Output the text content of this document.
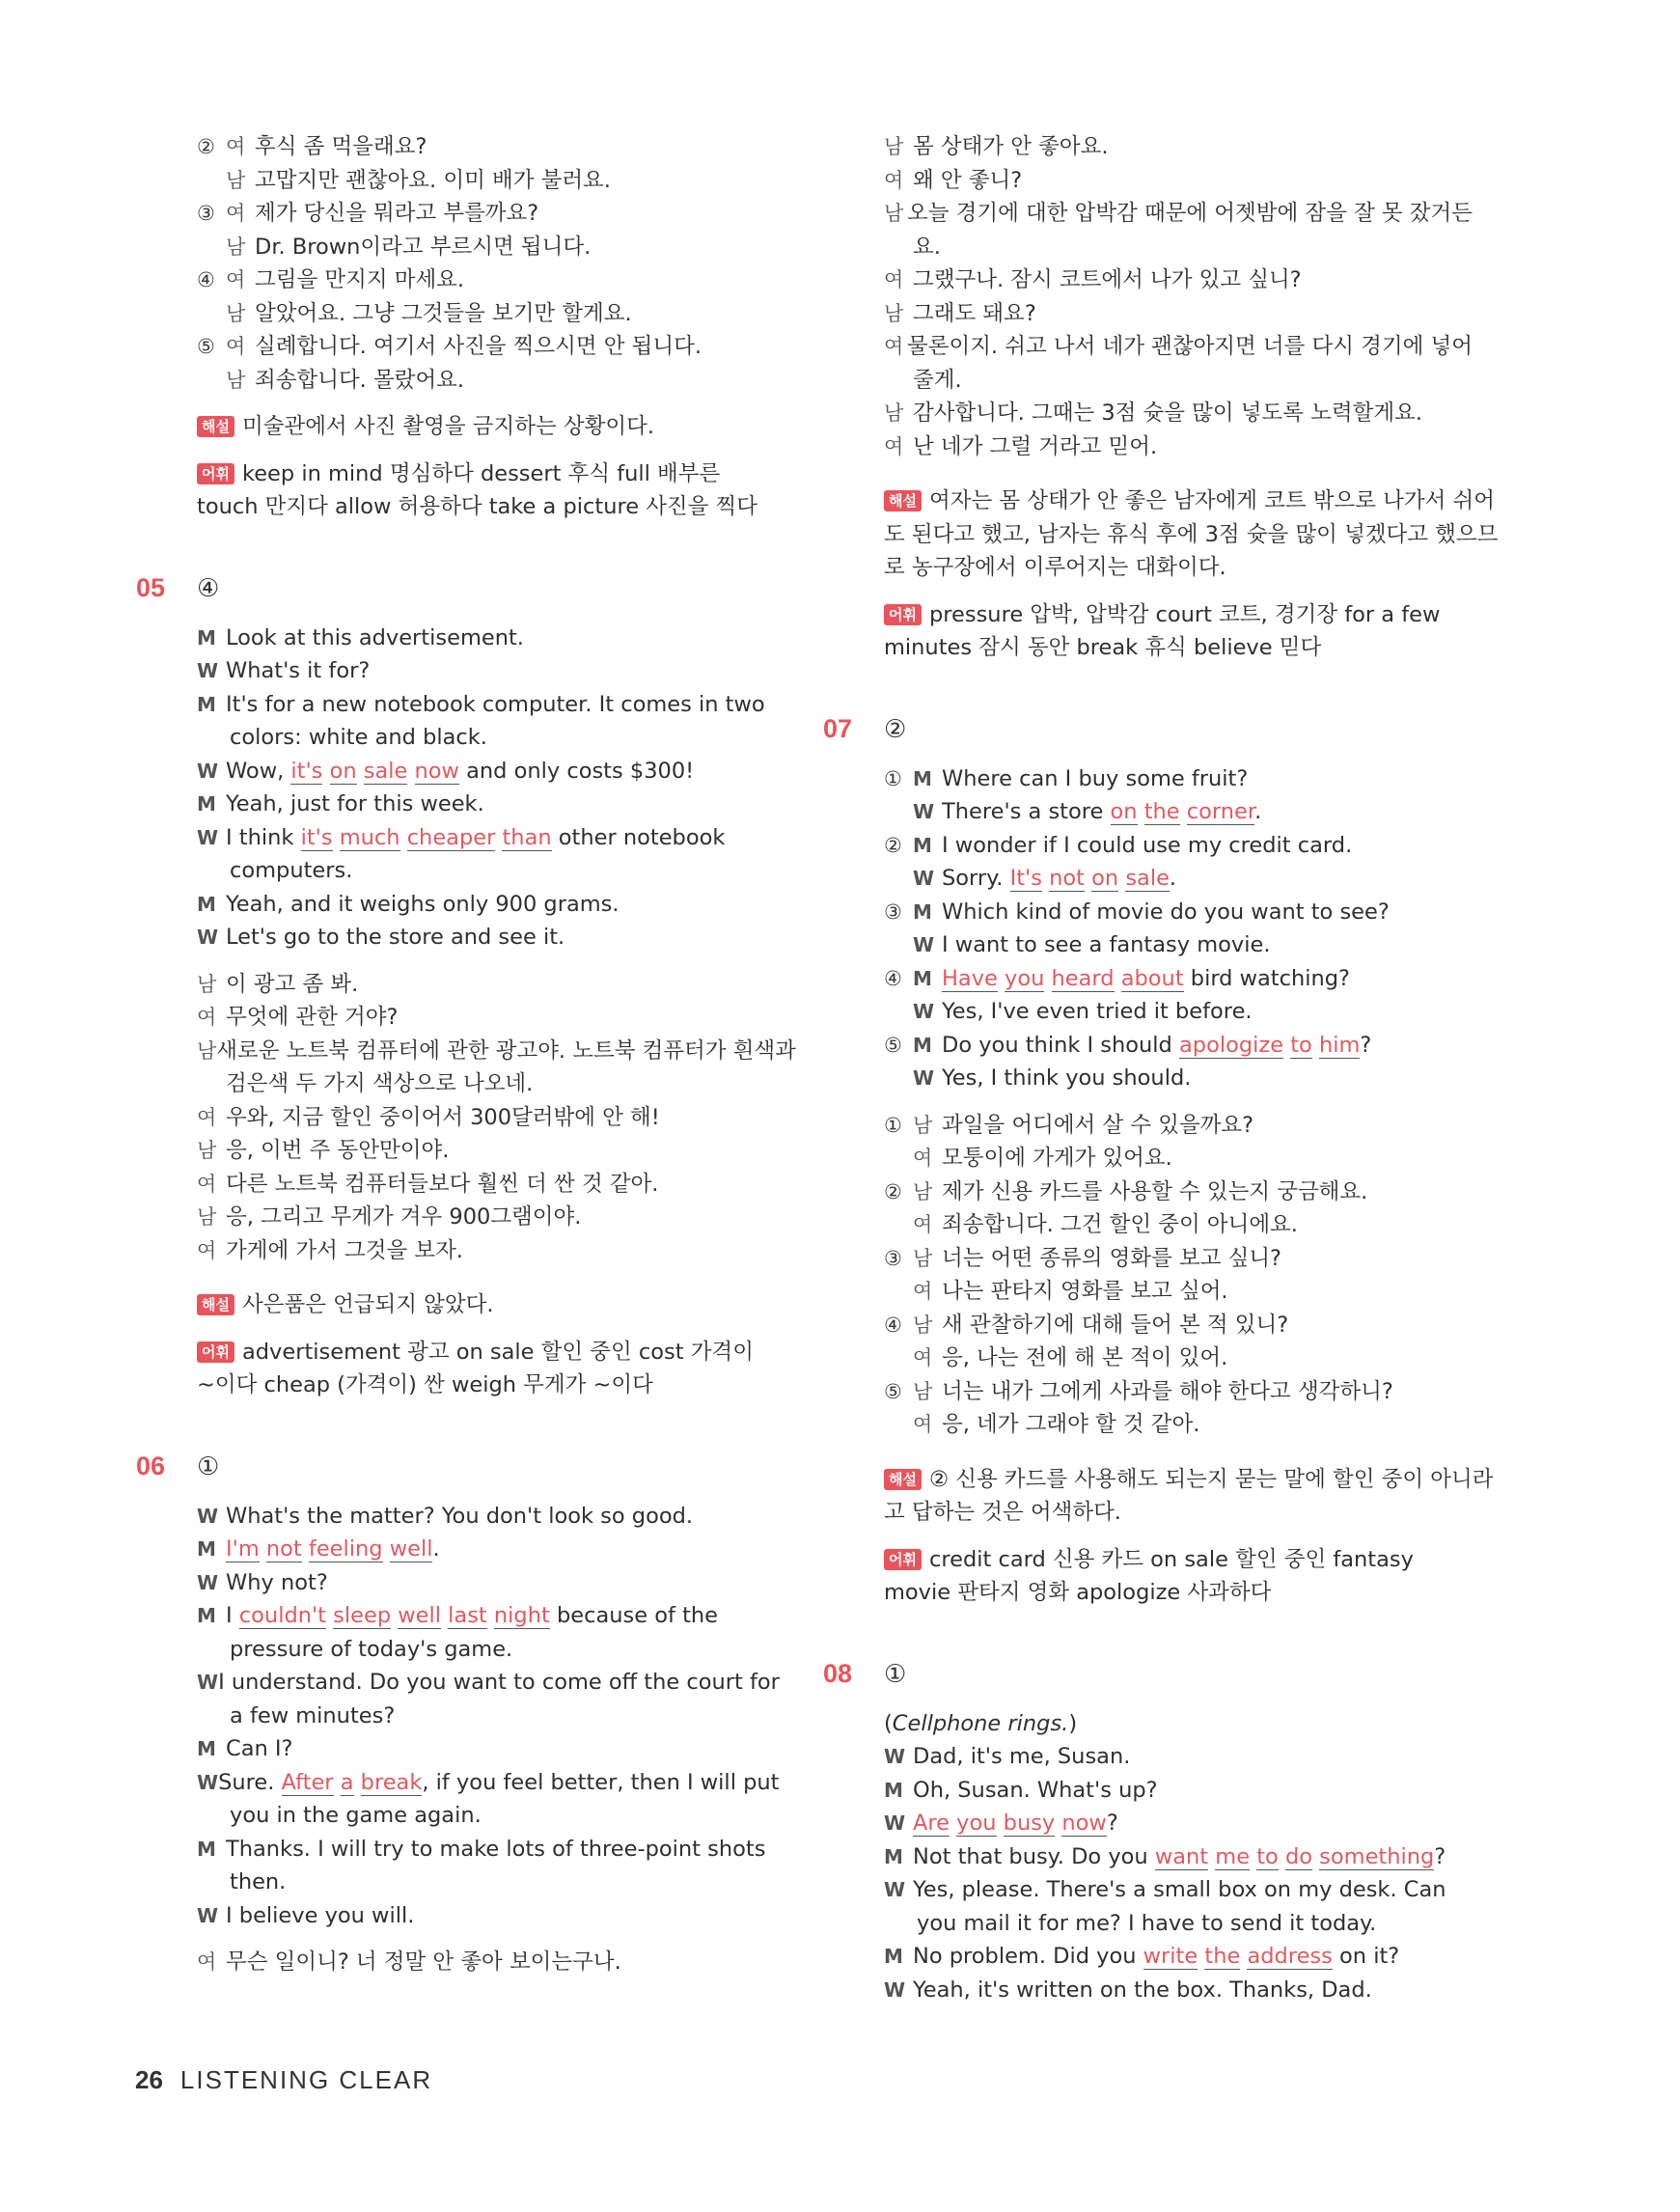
② 여 후식 좀 먹을래요?
남 고맙지만 괜찮아요. 이미 배가 불러요.
③ 여 제가 당신을 뭐라고 부를까요?
남 Dr. Brown이라고 부르시면 됩니다.
④ 여 그림을 만지지 마세요.
남 알았어요. 그냥 그것들을 보기만 할게요.
⑤ 여 실례합니다. 여기서 사진을 찍으시면 안 됩니다.
남 죄송합니다. 몰랐어요.
해설 미술관에서 사진 촬영을 금지하는 상황이다.
어휘 keep in mind 명심하다 dessert 후식 full 배부른
touch 만지다 allow 허용하다 take a picture 사진을 찍다
05	④
M Look at this advertisement.
W What's it for?
M It's for a new notebook computer. It comes in two
colors: white and black.
W Wow, it's on sale now and only costs $300!
M Yeah, just for this week.
W I think it's much cheaper than other notebook
computers.
M Yeah, and it weighs only 900 grams.
W Let's go to the store and see it.
남 이 광고 좀 봐.
여 무엇에 관한 거야?
남 새로운 노트북 컴퓨터에 관한 광고야. 노트북 컴퓨터가 흰색과
검은색 두 가지 색상으로 나오네.
여 우와, 지금 할인 중이어서 300달러밖에 안 해!
남 응, 이번 주 동안만이야.
여 다른 노트북 컴퓨터들보다 훨씬 더 싼 것 같아.
남 응, 그리고 무게가 겨우 900그램이야.
여 가게에 가서 그것을 보자.
해설 사은품은 언급되지 않았다.
어휘 advertisement 광고 on sale 할인 중인 cost 가격이
~이다 cheap (가격이) 싼 weigh 무게가 ~이다
06	①
W What's the matter? You don't look so good.
M I'm not feeling well.
W Why not?
M I couldn't sleep well last night because of the
pressure of today's game.
W I understand. Do you want to come off the court for
a few minutes?
M Can I?
W Sure. After a break, if you feel better, then I will put
you in the game again.
M Thanks. I will try to make lots of three-point shots
then.
W I believe you will.
여 무슨 일이니? 너 정말 안 좋아 보이는구나.
남 몸 상태가 안 좋아요.
여 왜 안 좋니?
남 오늘 경기에 대한 압박감 때문에 어젯밤에 잠을 잘 못 잤거든
요.
여 그랬구나. 잠시 코트에서 나가 있고 싶니?
남 그래도 돼요?
여 물론이지. 쉬고 나서 네가 괜찮아지면 너를 다시 경기에 넣어
줄게.
남 감사합니다. 그때는 3점 슛을 많이 넣도록 노력할게요.
여 난 네가 그럴 거라고 믿어.
해설 여자는 몸 상태가 안 좋은 남자에게 코트 밖으로 나가서 쉬어
도 된다고 했고, 남자는 휴식 후에 3점 슛을 많이 넣겠다고 했으므
로 농구장에서 이루어지는 대화이다.
어휘 pressure 압박, 압박감 court 코트, 경기장 for a few
minutes 잠시 동안 break 휴식 believe 믿다
07	②
① M Where can I buy some fruit?
W There's a store on the corner.
② M I wonder if I could use my credit card.
W Sorry. It's not on sale.
③ M Which kind of movie do you want to see?
W I want to see a fantasy movie.
④ M Have you heard about bird watching?
W Yes, I've even tried it before.
⑤ M Do you think I should apologize to him?
W Yes, I think you should.
① 남 과일을 어디에서 살 수 있을까요?
여 모퉁이에 가게가 있어요.
② 남 제가 신용 카드를 사용할 수 있는지 궁금해요.
여 죄송합니다. 그건 할인 중이 아니에요.
③ 남 너는 어떤 종류의 영화를 보고 싶니?
여 나는 판타지 영화를 보고 싶어.
④ 남 새 관찰하기에 대해 들어 본 적 있니?
여 응, 나는 전에 해 본 적이 있어.
⑤ 남 너는 내가 그에게 사과를 해야 한다고 생각하니?
여 응, 네가 그래야 할 것 같아.
해설 ② 신용 카드를 사용해도 되는지 묻는 말에 할인 중이 아니라
고 답하는 것은 어색하다.
어휘 credit card 신용 카드 on sale 할인 중인 fantasy
movie 판타지 영화 apologize 사과하다
08	①
(Cellphone rings.)
W Dad, it's me, Susan.
M Oh, Susan. What's up?
W Are you busy now?
M Not that busy. Do you want me to do something?
W Yes, please. There's a small box on my desk. Can
you mail it for me? I have to send it today.
M No problem. Did you write the address on it?
W Yeah, it's written on the box. Thanks, Dad.
26 LISTENING CLEAR
